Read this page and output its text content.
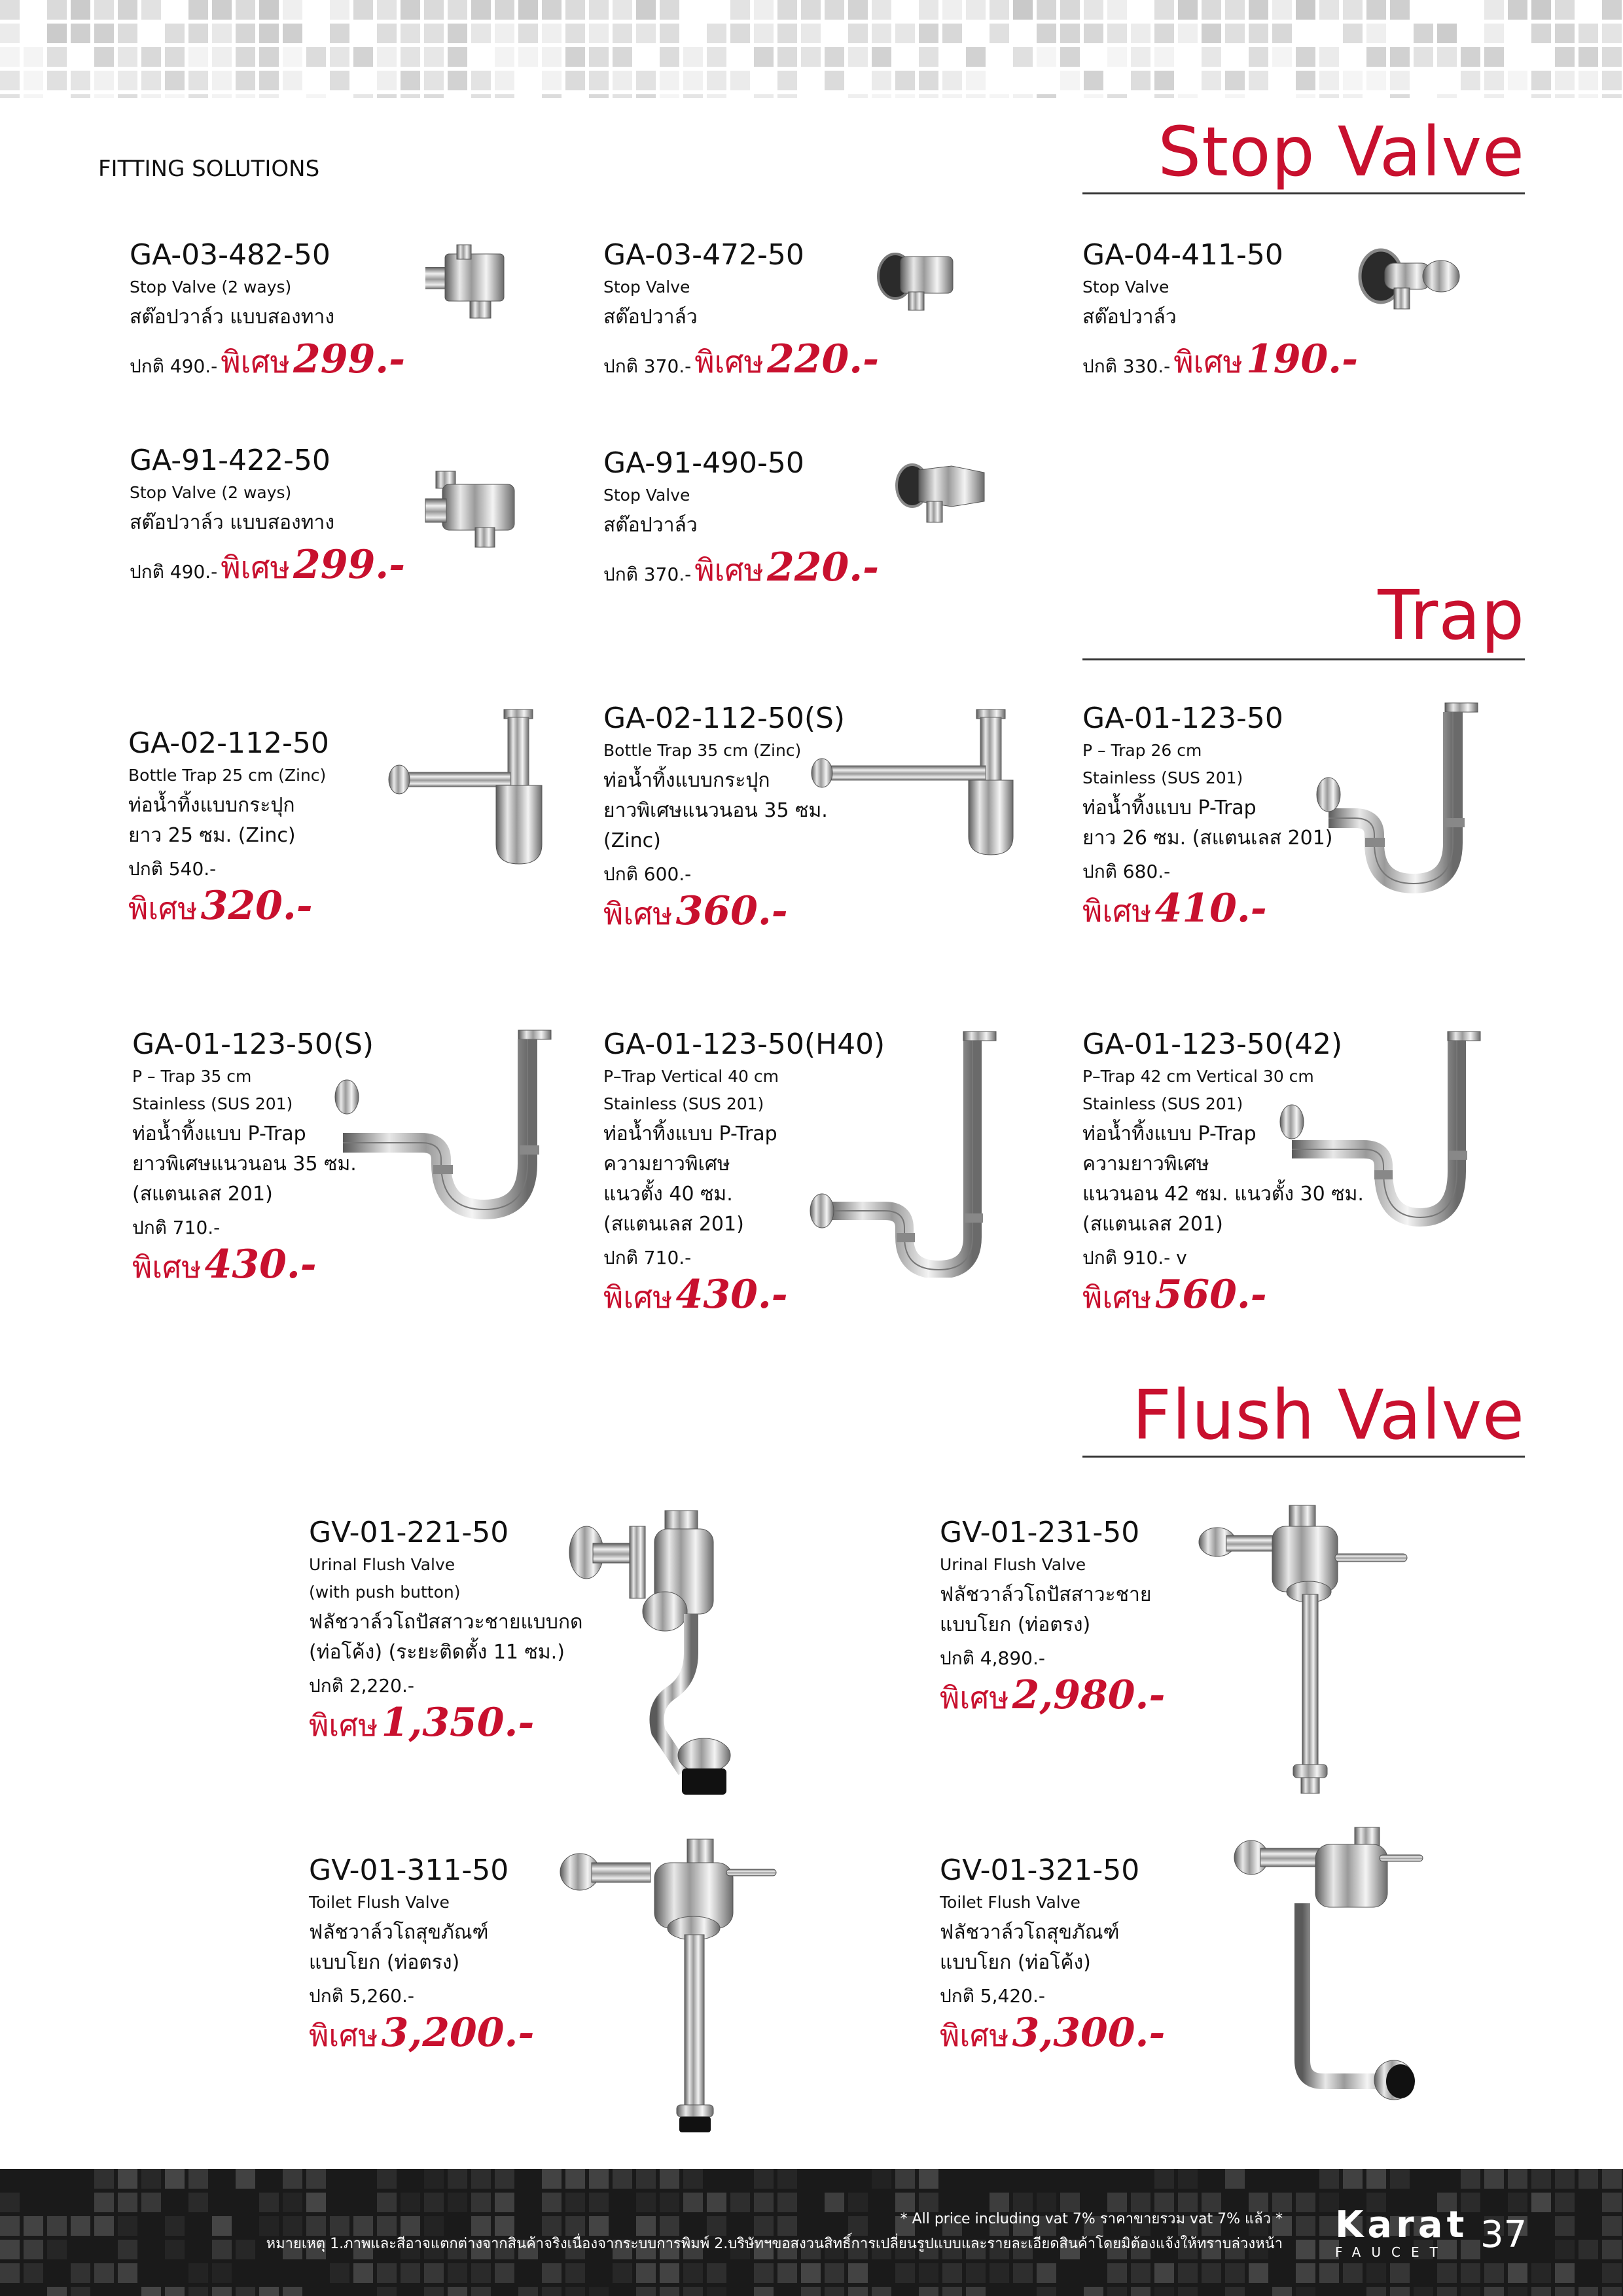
FITTING SOLUTIONS	Stop Valve
Trap
Flush Valve
GA-03-482-50
Stop Valve (2 ways)
สต๊อปวาล์ว แบบสองทาง
ปกติ 490.- พิเศษ 299.-
GA-03-472-50
Stop Valve
สต๊อปวาล์ว
ปกติ 370.- พิเศษ 220.-
GA-04-411-50
Stop Valve
สต๊อปวาล์ว
ปกติ 330.- พิเศษ 190.-
GA-91-422-50
Stop Valve (2 ways)
สต๊อปวาล์ว แบบสองทาง
ปกติ 490.- พิเศษ 299.-
GA-91-490-50
Stop Valve
สต๊อปวาล์ว
ปกติ 370.- พิเศษ 220.-
GA-02-112-50
Bottle Trap 25 cm (Zinc)
ท่อน้ำทิ้งแบบกระปุก
ยาว 25 ซม. (Zinc)
ปกติ 540.-
พิเศษ 320.-
GA-02-112-50(S)
Bottle Trap 35 cm (Zinc)
ท่อน้ำทิ้งแบบกระปุก
ยาวพิเศษแนวนอน 35 ซม.
(Zinc)
ปกติ 600.-
พิเศษ 360.-
GA-01-123-50
P – Trap 26 cm
Stainless (SUS 201)
ท่อน้ำทิ้งแบบ P-Trap
ยาว 26 ซม. (สแตนเลส 201)
ปกติ 680.-
พิเศษ 410.-
GA-01-123-50(S)
P – Trap 35 cm
Stainless (SUS 201)
ท่อน้ำทิ้งแบบ P-Trap
ยาวพิเศษแนวนอน 35 ซม.
(สแตนเลส 201)
ปกติ 710.-
พิเศษ 430.-
GA-01-123-50(H40)
P–Trap Vertical 40 cm
Stainless (SUS 201)
ท่อน้ำทิ้งแบบ P-Trap
ความยาวพิเศษ
แนวตั้ง 40 ซม.
(สแตนเลส 201)
ปกติ 710.-
พิเศษ 430.-
GA-01-123-50(42)
P–Trap 42 cm Vertical 30 cm
Stainless (SUS 201)
ท่อน้ำทิ้งแบบ P-Trap
ความยาวพิเศษ
แนวนอน 42 ซม. แนวตั้ง 30 ซม.
(สแตนเลส 201)
ปกติ 910.- v
พิเศษ 560.-
GV-01-221-50
Urinal Flush Valve
(with push button)
ฟลัชวาล์วโถปัสสาวะชายแบบกด
(ท่อโค้ง) (ระยะติดตั้ง 11 ซม.)
ปกติ 2,220.-
พิเศษ 1,350.-
GV-01-231-50
Urinal Flush Valve
ฟลัชวาล์วโถปัสสาวะชาย
แบบโยก (ท่อตรง)
ปกติ 4,890.-
พิเศษ 2,980.-
GV-01-311-50
Toilet Flush Valve
ฟลัชวาล์วโถสุขภัณฑ์
แบบโยก (ท่อตรง)
ปกติ 5,260.-
พิเศษ 3,200.-
GV-01-321-50
Toilet Flush Valve
ฟลัชวาล์วโถสุขภัณฑ์
แบบโยก (ท่อโค้ง)
ปกติ 5,420.-
พิเศษ 3,300.-
* All price including vat 7% ราคาขายรวม vat 7% แล้ว *
หมายเหตุ 1.ภาพและสีอาจแตกต่างจากสินค้าจริงเนื่องจากระบบการพิมพ์ 2.บริษัทฯขอสงวนสิทธิ์การเปลี่ยนรูปแบบและรายละเอียดสินค้าโดยมิต้องแจ้งให้ทราบล่วงหน้า Karat
FAUCET 37
